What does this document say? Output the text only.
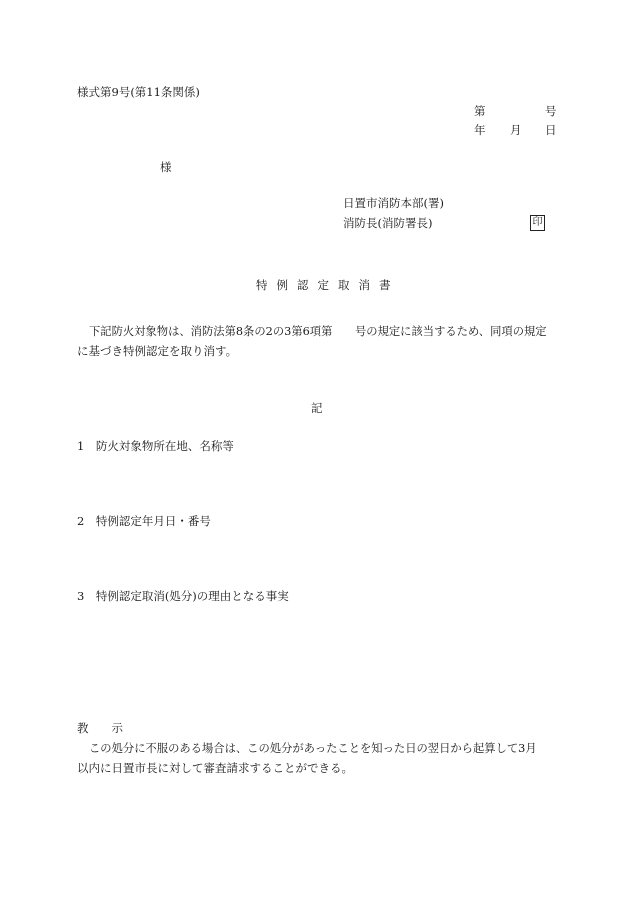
様式第9号(第11条関係)
第	号
年 月 日
様
日置市消防本部(署)
消防長(消防署長)	印
特例認定取消書
下記防火対象物は、消防法第8条の2の3第6項第　　号の規定に該当するため、同項の規定
に基づき特例認定を取り消す。
記
1　防火対象物所在地、名称等
2　特例認定年月日・番号
3　特例認定取消(処分)の理由となる事実
教　　示
この処分に不服のある場合は、この処分があったことを知った日の翌日から起算して3月
以内に日置市長に対して審査請求することができる。
